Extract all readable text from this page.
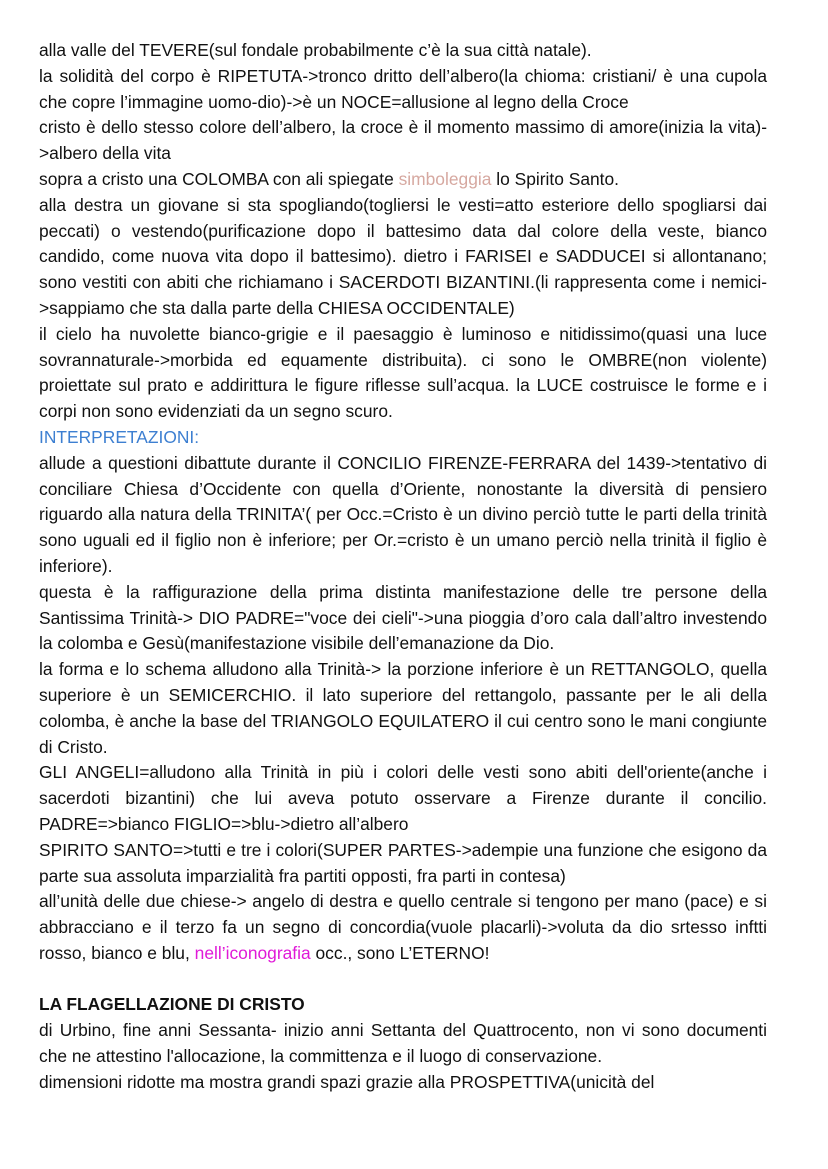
alla valle del TEVERE(sul fondale probabilmente c’è la sua città natale).

la solidità del corpo è RIPETUTA->tronco dritto dell’albero(la chioma: cristiani/ è una cupola che copre l’immagine uomo-dio)->è un NOCE=allusione al legno della Croce

cristo è dello stesso colore dell’albero, la croce è il momento massimo di amore(inizia la vita)->albero della vita

sopra a cristo una COLOMBA con ali spiegate simboleggia lo Spirito Santo.

alla destra un giovane si sta spogliando(togliersi le vesti=atto esteriore dello spogliarsi dai peccati) o vestendo(purificazione dopo il battesimo data dal colore della veste, bianco candido, come nuova vita dopo il battesimo). dietro i FARISEI e SADDUCEI si allontanano; sono vestiti con abiti che richiamano i SACERDOTI BIZANTINI.(li rappresenta come i nemici->sappiamo che sta dalla parte della CHIESA OCCIDENTALE)

il cielo ha nuvolette bianco-grigie e il paesaggio è luminoso e nitidissimo(quasi una luce sovrannaturale->morbida ed equamente distribuita). ci sono le OMBRE(non violente) proiettate sul prato e addirittura le figure riflesse sull’acqua. la LUCE costruisce le forme e i corpi non sono evidenziati da un segno scuro.

INTERPRETAZIONI:

allude a questioni dibattute durante il CONCILIO FIRENZE-FERRARA del 1439->tentativo di conciliare Chiesa d’Occidente con quella d’Oriente, nonostante la diversità di pensiero riguardo alla natura della TRINITA’( per Occ.=Cristo è un divino perciò tutte le parti della trinità sono uguali ed il figlio non è inferiore; per Or.=cristo è un umano perciò nella trinità il figlio è inferiore).

questa è la raffigurazione della prima distinta manifestazione delle tre persone della Santissima Trinità-> DIO PADRE="voce dei cieli"->una pioggia d’oro cala dall’altro investendo la colomba e Gesù(manifestazione visibile dell’emanazione da Dio.

la forma e lo schema alludono alla Trinità-> la porzione inferiore è un RETTANGOLO, quella superiore è un SEMICERCHIO. il lato superiore del rettangolo, passante per le ali della colomba, è anche la base del TRIANGOLO EQUILATERO il cui centro sono le mani congiunte di Cristo.

GLI ANGELI=alludono alla Trinità in più i colori delle vesti sono abiti dell'oriente(anche i sacerdoti bizantini) che lui aveva potuto osservare a Firenze durante il concilio. PADRE=>bianco FIGLIO=>blu->dietro all’albero

SPIRITO SANTO=>tutti e tre i colori(SUPER PARTES->adempie una funzione che esigono da parte sua assoluta imparzialità fra partiti opposti, fra parti in contesa)

all’unità delle due chiese-> angelo di destra e quello centrale si tengono per mano (pace) e si abbracciano e il terzo fa un segno di concordia(vuole placarli)->voluta da dio srtesso inftti rosso, bianco e blu, nell’iconografia occ., sono L’ETERNO!

LA FLAGELLAZIONE DI CRISTO

di Urbino, fine anni Sessanta- inizio anni Settanta del Quattrocento, non vi sono documenti che ne attestino l'allocazione, la committenza e il luogo di conservazione.

dimensioni ridotte ma mostra grandi spazi grazie alla PROSPETTIVA(unicità del
